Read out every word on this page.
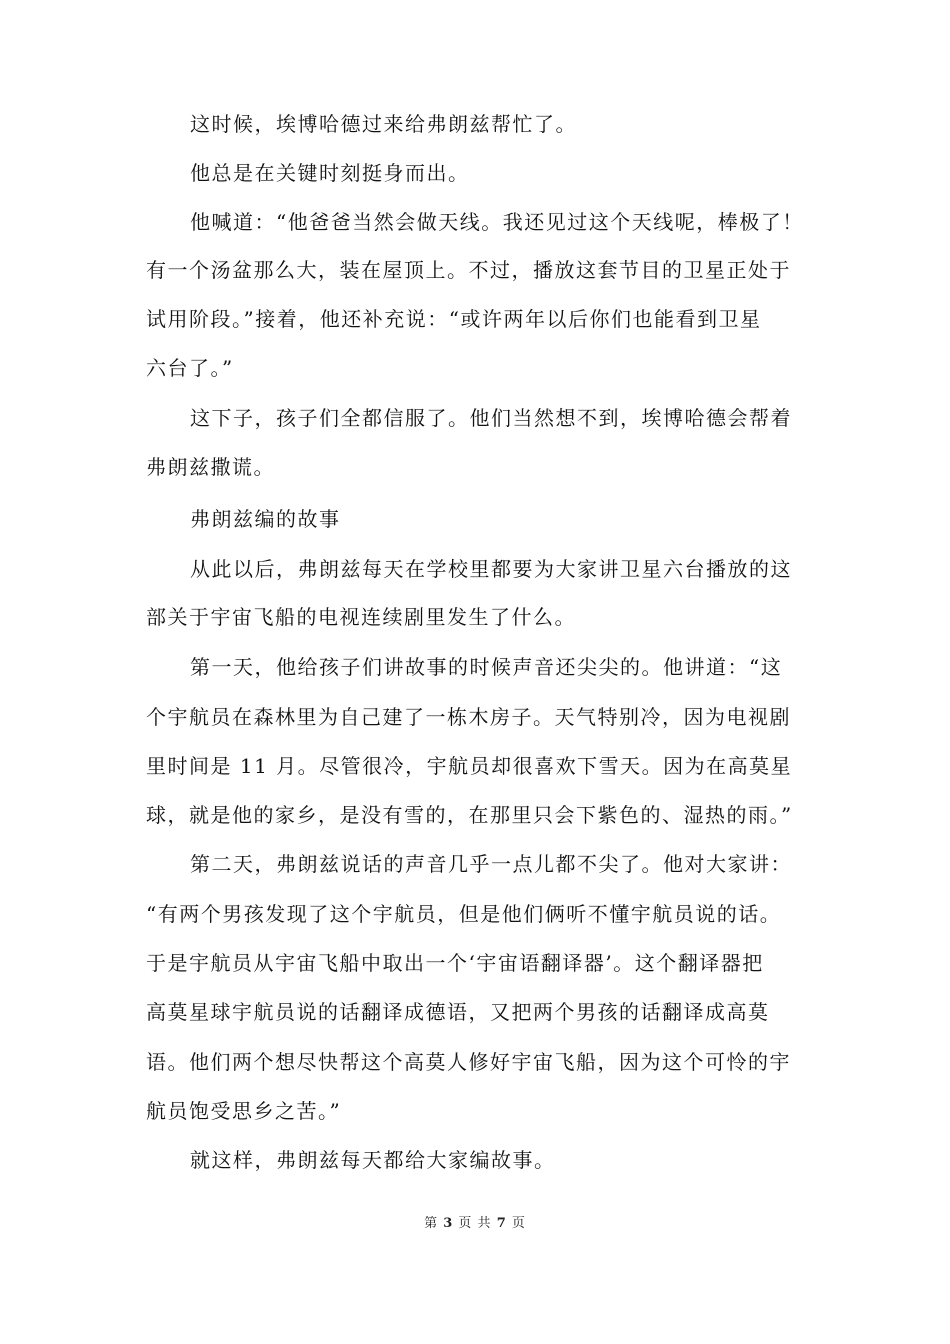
这时候，埃博哈德过来给弗朗兹帮忙了。
他总是在关键时刻挺身而出。
他喊道：“他爸爸当然会做天线。我还见过这个天线呢，棒极了！
有一个汤盆那么大，装在屋顶上。不过，播放这套节目的卫星正处于
试用阶段。”接着，他还补充说：“或许两年以后你们也能看到卫星
六台了。”
这下子，孩子们全都信服了。他们当然想不到，埃博哈德会帮着
弗朗兹撒谎。
弗朗兹编的故事
从此以后，弗朗兹每天在学校里都要为大家讲卫星六台播放的这
部关于宇宙飞船的电视连续剧里发生了什么。
第一天，他给孩子们讲故事的时候声音还尖尖的。他讲道：“这
个宇航员在森林里为自己建了一栋木房子。天气特别冷，因为电视剧
里时间是 11 月。尽管很冷，宇航员却很喜欢下雪天。因为在高莫星
球，就是他的家乡，是没有雪的，在那里只会下紫色的、湿热的雨。”
第二天，弗朗兹说话的声音几乎一点儿都不尖了。他对大家讲：
“有两个男孩发现了这个宇航员，但是他们俩听不懂宇航员说的话。
于是宇航员从宇宙飞船中取出一个‘宇宙语翻译器’。这个翻译器把
高莫星球宇航员说的话翻译成德语，又把两个男孩的话翻译成高莫
语。他们两个想尽快帮这个高莫人修好宇宙飞船，因为这个可怜的宇
航员饱受思乡之苦。”
就这样，弗朗兹每天都给大家编故事。
第 3 页 共 7 页
